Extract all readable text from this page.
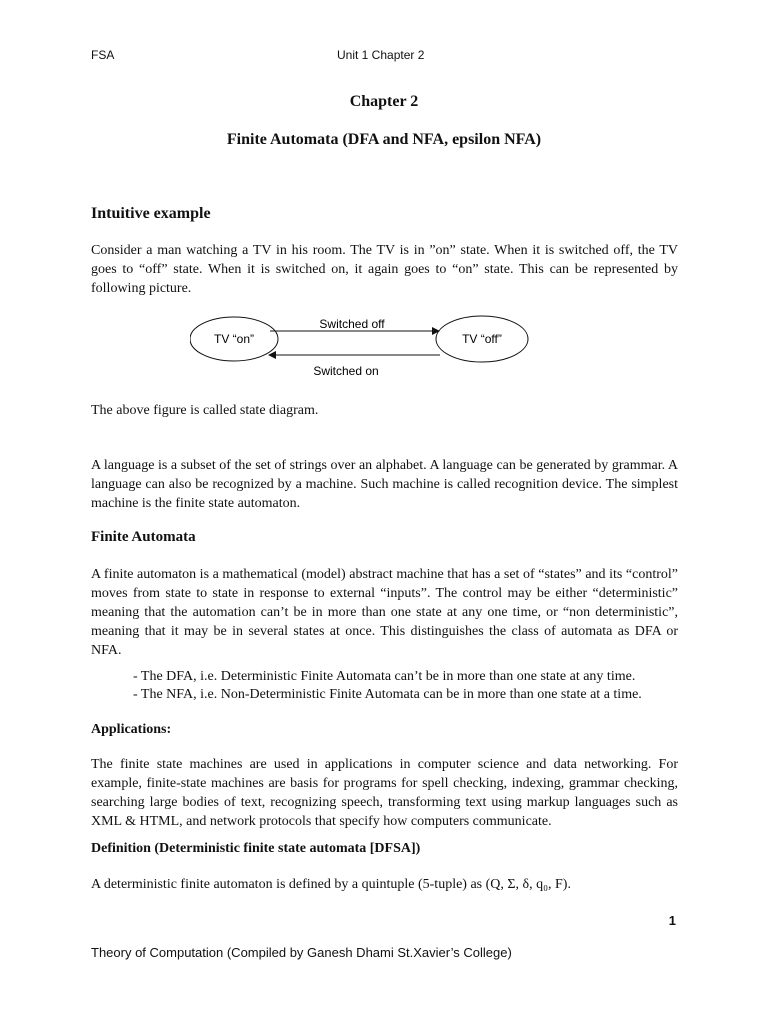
FSA	Unit 1 Chapter 2
Chapter 2
Finite Automata (DFA and NFA, epsilon NFA)
Intuitive example
Consider a man watching a TV in his room. The TV is in ”on” state. When it is switched off, the TV goes to “off” state. When it is switched on, it again goes to “on” state. This can be represented by following picture.
TV “on”	TV “off”
Switched off
Switched on
The above figure is called state diagram.
A language is a subset of the set of strings over an alphabet. A language can be generated by grammar. A language can also be recognized by a machine. Such machine is called recognition device. The simplest machine is the finite state automaton.
Finite Automata
A finite automaton is a mathematical (model) abstract machine that has a set of “states” and its “control” moves from state to state in response to external “inputs”. The control may be either “deterministic” meaning that the automation can’t be in more than one state at any one time, or “non deterministic”, meaning that it may be in several states at once. This distinguishes the class of automata as DFA or NFA.
- The DFA, i.e. Deterministic Finite Automata can’t be in more than one state at any time.
- The NFA, i.e. Non-Deterministic Finite Automata can be in more than one state at a time.
Applications:
The finite state machines are used in applications in computer science and data networking. For example, finite-state machines are basis for programs for spell checking, indexing, grammar checking, searching large bodies of text, recognizing speech, transforming text using markup languages such as XML & HTML, and network protocols that specify how computers communicate.
Definition (Deterministic finite state automata [DFSA])
A deterministic finite automaton is defined by a quintuple (5-tuple) as (Q, Σ, δ, q₀, F).
1
Theory of Computation (Compiled by Ganesh Dhami St.Xavier’s College)
